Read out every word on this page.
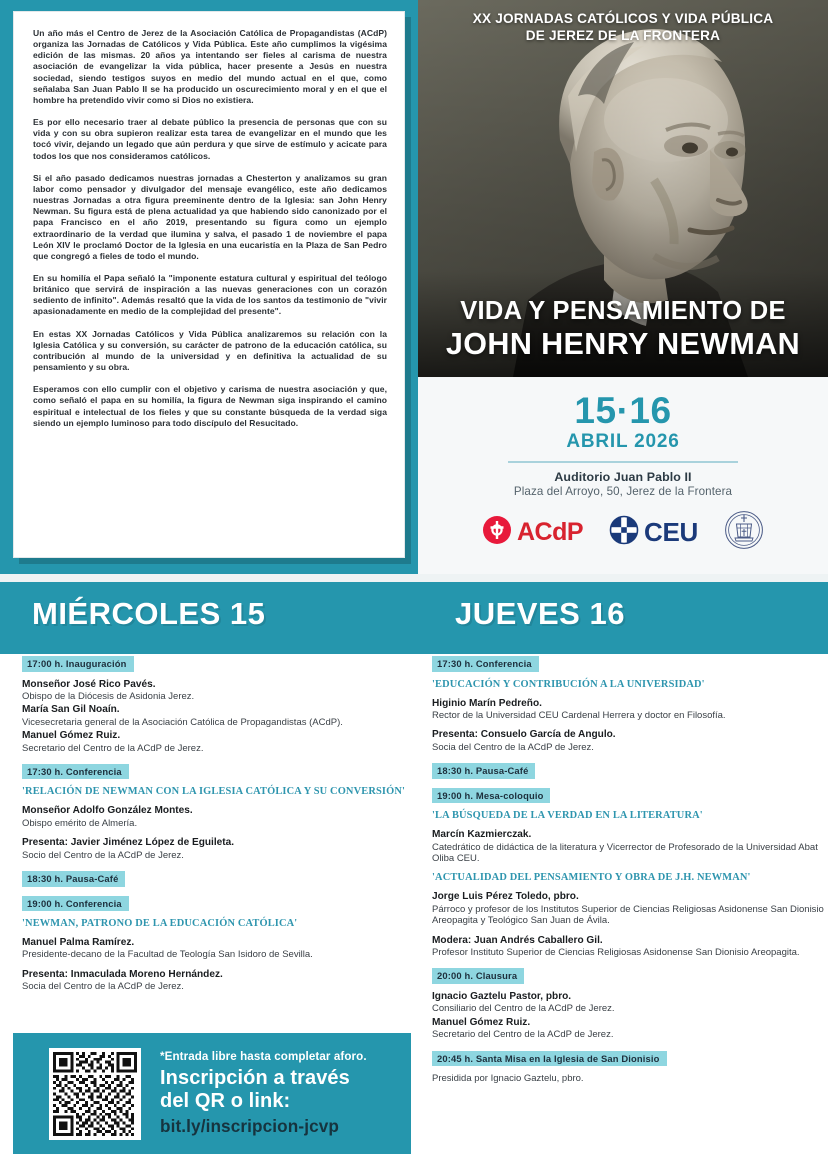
Un año más el Centro de Jerez de la Asociación Católica de Propagandistas (ACdP) organiza las Jornadas de Católicos y Vida Pública. Este año cumplimos la vigésima edición de las mismas. 20 años ya intentando ser fieles al carisma de nuestra asociación de evangelizar la vida pública, hacer presente a Jesús en nuestra sociedad, siendo testigos suyos en medio del mundo actual en el que, como señalaba San Juan Pablo II se ha producido un oscurecimiento moral y en el que el hombre ha pretendido vivir como si Dios no existiera.

Es por ello necesario traer al debate público la presencia de personas que con su vida y con su obra supieron realizar esta tarea de evangelizar en el mundo que les tocó vivir, dejando un legado que aún perdura y que sirve de estímulo y acicate para todos los que nos consideramos católicos.

Si el año pasado dedicamos nuestras jornadas a Chesterton y analizamos su gran labor como pensador y divulgador del mensaje evangélico, este año dedicamos nuestras Jornadas a otra figura preeminente dentro de la Iglesia: san John Henry Newman. Su figura está de plena actualidad ya que habiendo sido canonizado por el papa Francisco en el año 2019, presentando su figura como un ejemplo extraordinario de la verdad que ilumina y salva, el pasado 1 de noviembre el papa León XIV le proclamó Doctor de la Iglesia en una eucaristía en la Plaza de San Pedro que congregó a fieles de todo el mundo.

En su homilía el Papa señaló la "imponente estatura cultural y espiritual del teólogo británico que servirá de inspiración a las nuevas generaciones con un corazón sediento de infinito". Además resaltó que la vida de los santos da testimonio de "vivir apasionadamente en medio de la complejidad del presente".

En estas XX Jornadas Católicos y Vida Pública analizaremos su relación con la Iglesia Católica y su conversión, su carácter de patrono de la educación católica, su contribución al mundo de la universidad y en definitiva la actualidad de su pensamiento y su obra.

Esperamos con ello cumplir con el objetivo y carisma de nuestra asociación y que, como señaló el papa en su homilía, la figura de Newman siga inspirando el camino espiritual e intelectual de los fieles y que su constante búsqueda de la verdad siga siendo un ejemplo luminoso para todo discípulo del Resucitado.

XX JORNADAS CATÓLICOS Y VIDA PÚBLICA
DE JEREZ DE LA FRONTERA
VIDA Y PENSAMIENTO DE
JOHN HENRY NEWMAN
15·16
ABRIL 2026
Auditorio Juan Pablo II
Plaza del Arroyo, 50, Jerez de la Frontera
ACdP CEU
MIÉRCOLES 15	JUEVES 16
17:00 h. Inauguración
Monseñor José Rico Pavés.
Obispo de la Diócesis de Asidonia Jerez.
María San Gil Noaín.
Vicesecretaria general de la Asociación Católica de Propagandistas (ACdP).
Manuel Gómez Ruiz.
Secretario del Centro de la ACdP de Jerez.
17:30 h. Conferencia
'RELACIÓN DE NEWMAN CON LA IGLESIA CATÓLICA Y SU CONVERSIÓN'
Monseñor Adolfo González Montes.
Obispo emérito de Almería.
Presenta: Javier Jiménez López de Eguileta.
Socio del Centro de la ACdP de Jerez.
18:30 h. Pausa-Café
19:00 h. Conferencia
'NEWMAN, PATRONO DE LA EDUCACIÓN CATÓLICA'
Manuel Palma Ramírez.
Presidente-decano de la Facultad de Teología San Isidoro de Sevilla.
Presenta: Inmaculada Moreno Hernández.
Socia del Centro de la ACdP de Jerez.
17:30 h. Conferencia
'EDUCACIÓN Y CONTRIBUCIÓN A LA UNIVERSIDAD'
Higinio Marín Pedreño.
Rector de la Universidad CEU Cardenal Herrera y doctor en Filosofía.
Presenta: Consuelo García de Angulo.
Socia del Centro de la ACdP de Jerez.
18:30 h. Pausa-Café
19:00 h. Mesa-coloquio
'LA BÚSQUEDA DE LA VERDAD EN LA LITERATURA'
Marcín Kazmierczak.
Catedrático de didáctica de la literatura y Vicerrector de Profesorado de la Universidad Abat Oliba CEU.
'ACTUALIDAD DEL PENSAMIENTO Y OBRA DE J.H. NEWMAN'
Jorge Luis Pérez Toledo, pbro.
Párroco y profesor de los Institutos Superior de Ciencias Religiosas Asidonense San Dionisio Areopagita y Teológico San Juan de Ávila.
Modera: Juan Andrés Caballero Gil.
Profesor Instituto Superior de Ciencias Religiosas Asidonense San Dionisio Areopagita.
20:00 h. Clausura
Ignacio Gaztelu Pastor, pbro.
Consiliario del Centro de la ACdP de Jerez.
Manuel Gómez Ruiz.
Secretario del Centro de la ACdP de Jerez.
20:45 h. Santa Misa en la Iglesia de San Dionisio
Presidida por Ignacio Gaztelu, pbro.
*Entrada libre hasta completar aforo.
Inscripción a través
del QR o link:
bit.ly/inscripcion-jcvp
